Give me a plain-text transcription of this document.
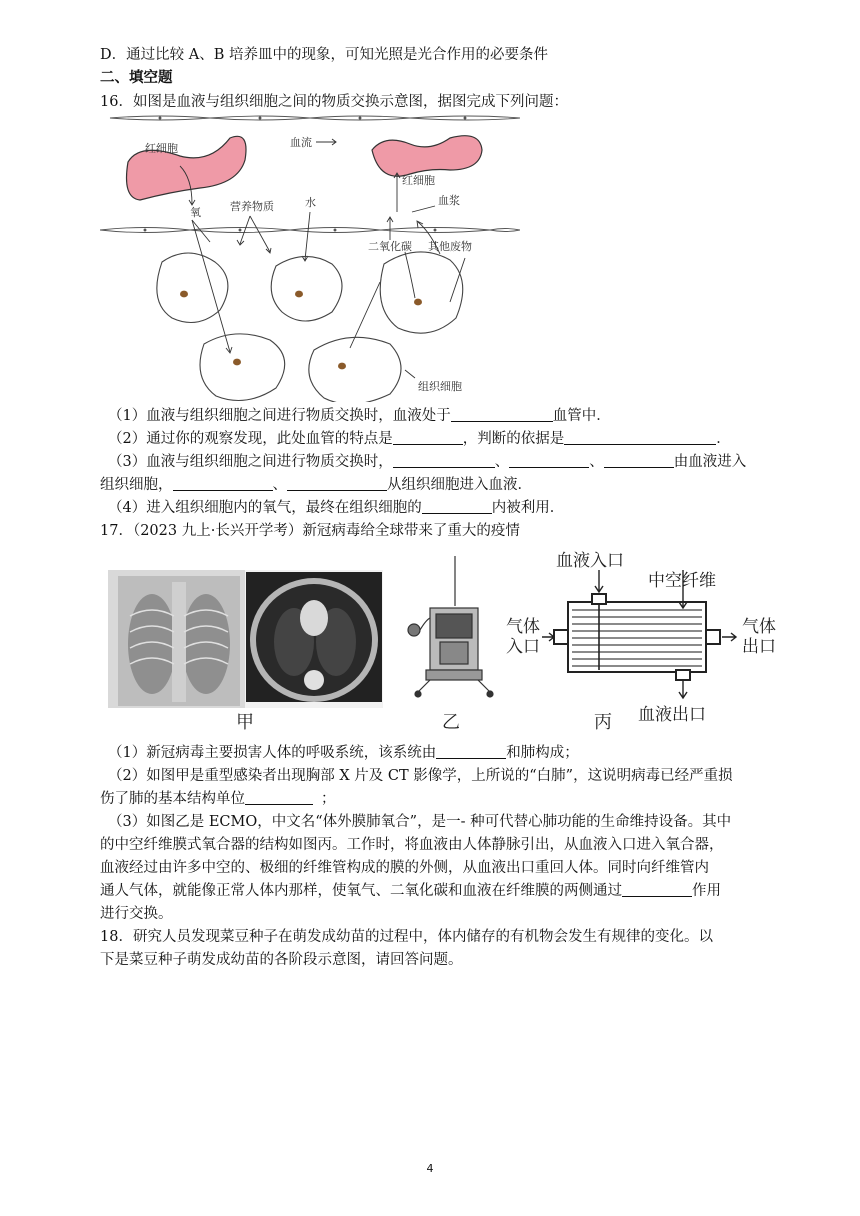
D．通过比较 A、B 培养皿中的现象，可知光照是光合作用的必要条件
二、填空题
16．如图是血液与组织细胞之间的物质交换示意图，据图完成下列问题：
红细胞	血流
红细胞
血浆
氧	营养物质	水
二氧化碳 其他废物
组织细胞
（1）血液与组织细胞之间进行物质交换时，血液处于	血管中．
（2）通过你的观察发现，此处血管的特点是	，判断的依据是	．
（3）血液与组织细胞之间进行物质交换时，	、	、	由血液进入
组织细胞，	、	从组织细胞进入血液．
（4）进入组织细胞内的氧气，最终在组织细胞的	内被利用．
17．（2023 九上·长兴开学考）新冠病毒给全球带来了重大的疫情
甲	乙	丙
血液入口
中空纤维
气体
入口
气体
出口
血液出口
（1）新冠病毒主要损害人体的呼吸系统，该系统由	和肺构成；
（2）如图甲是重型感染者出现胸部 X 片及 CT 影像学，上所说的“白肺”，这说明病毒已经严重损
伤了肺的基本结构单位	；
（3）如图乙是 ECMO，中文名“体外膜肺氧合”，是一- 种可代替心肺功能的生命维持设备。其中
的中空纤维膜式氧合器的结构如图丙。工作时，将血液由人体静脉引出，从血液入口进入氧合器，
血液经过由许多中空的、极细的纤维管构成的膜的外侧，从血液出口重回人体。同时向纤维管内
通人气体，就能像正常人体内那样，使氧气、二氧化碳和血液在纤维膜的两侧通过	作用
进行交换。
18．研究人员发现菜豆种子在萌发成幼苗的过程中，体内储存的有机物会发生有规律的变化。以
下是菜豆种子萌发成幼苗的各阶段示意图，请回答问题。
4
